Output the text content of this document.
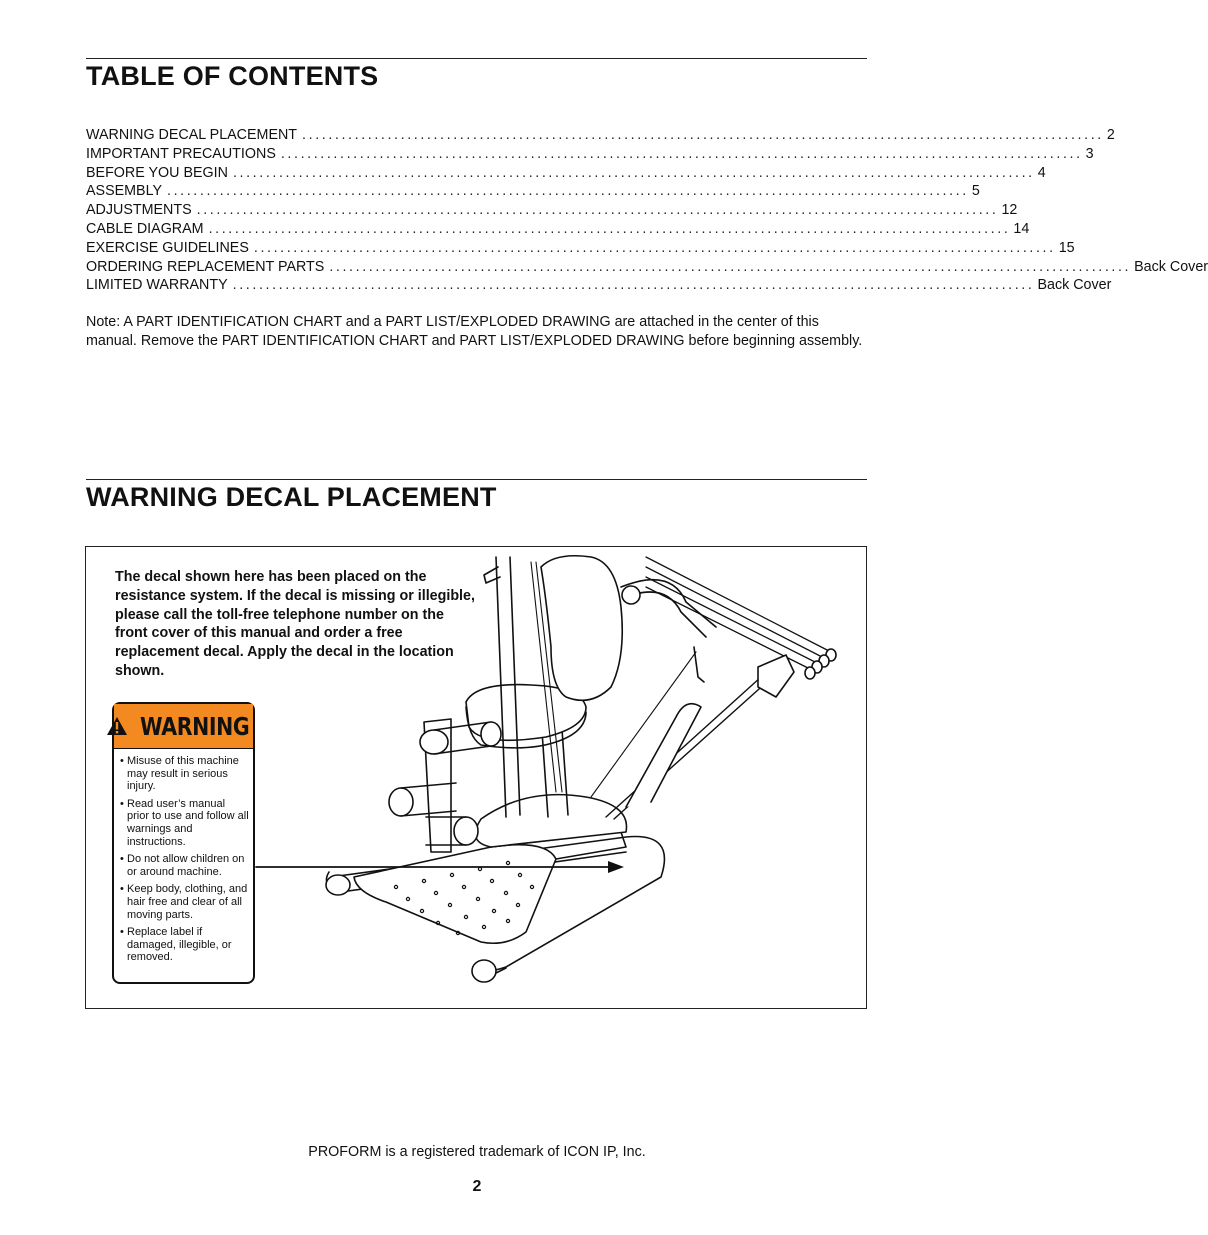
TABLE OF CONTENTS
WARNING DECAL PLACEMENT .......................................................................................................................... 2
IMPORTANT PRECAUTIONS .......................................................................................................................... 3
BEFORE YOU BEGIN .......................................................................................................................... 4
ASSEMBLY .......................................................................................................................... 5
ADJUSTMENTS .......................................................................................................................... 12
CABLE DIAGRAM .......................................................................................................................... 14
EXERCISE GUIDELINES .......................................................................................................................... 15
ORDERING REPLACEMENT PARTS .......................................................................................................................... Back Cover
LIMITED WARRANTY .......................................................................................................................... Back Cover

Note: A PART IDENTIFICATION CHART and a PART LIST/EXPLODED DRAWING are attached in the center of this manual. Remove the PART IDENTIFICATION CHART and PART LIST/EXPLODED DRAWING before beginning assembly.

WARNING DECAL PLACEMENT

The decal shown here has been placed on the resistance system. If the decal is missing or illegible, please call the toll-free telephone number on the front cover of this manual and order a free replacement decal. Apply the decal in the location shown.

WARNING
• Misuse of this machine may result in serious injury.
• Read user’s manual prior to use and follow all warnings and instructions.
• Do not allow children on or around machine.
• Keep body, clothing, and hair free and clear of all moving parts.
• Replace label if damaged, illegible, or removed.

PROFORM is a registered trademark of ICON IP, Inc.

2
